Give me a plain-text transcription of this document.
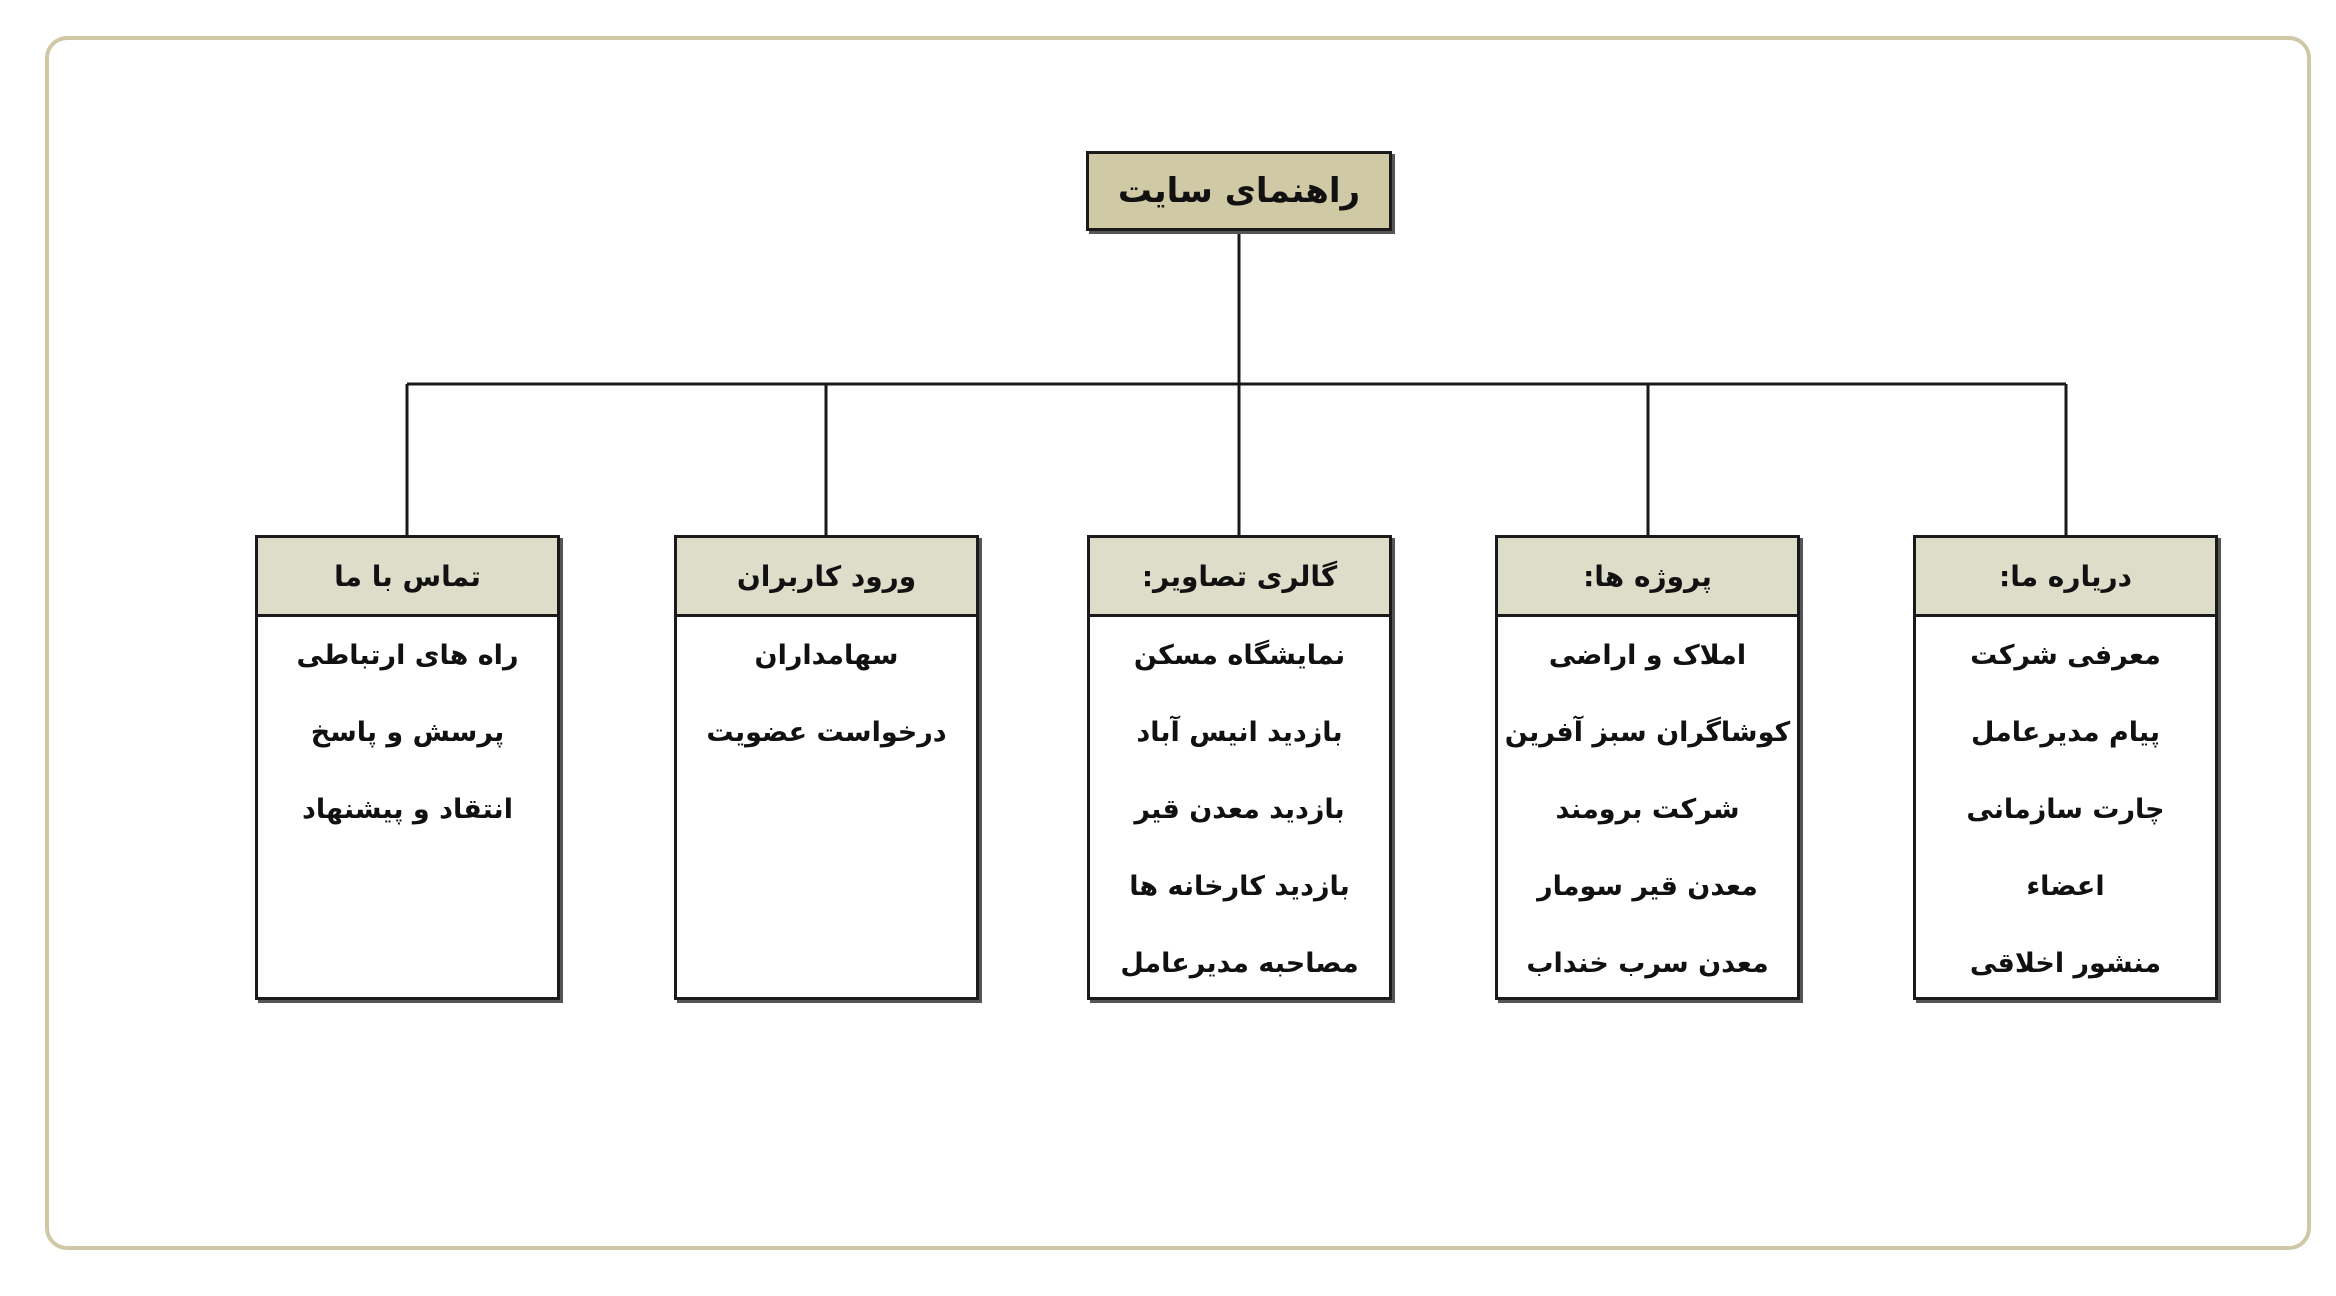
راهنمای سایت
دریاره ما:
معرفی شرکت
پیام مدیرعامل
چارت سازمانی
اعضاء
منشور اخلاقی
پروژه ها:
املاک و اراضی
کوشاگران سبز آفرین
شرکت برومند
معدن قیر سومار
معدن سرب خنداب
گالری تصاویر:
نمایشگاه مسکن
بازدید انیس آباد
بازدید معدن قیر
بازدید کارخانه ها
مصاحبه مدیرعامل
ورود کاربران
سهامداران
درخواست عضویت
تماس با ما
راه های ارتباطی
پرسش و پاسخ
انتقاد و پیشنهاد
